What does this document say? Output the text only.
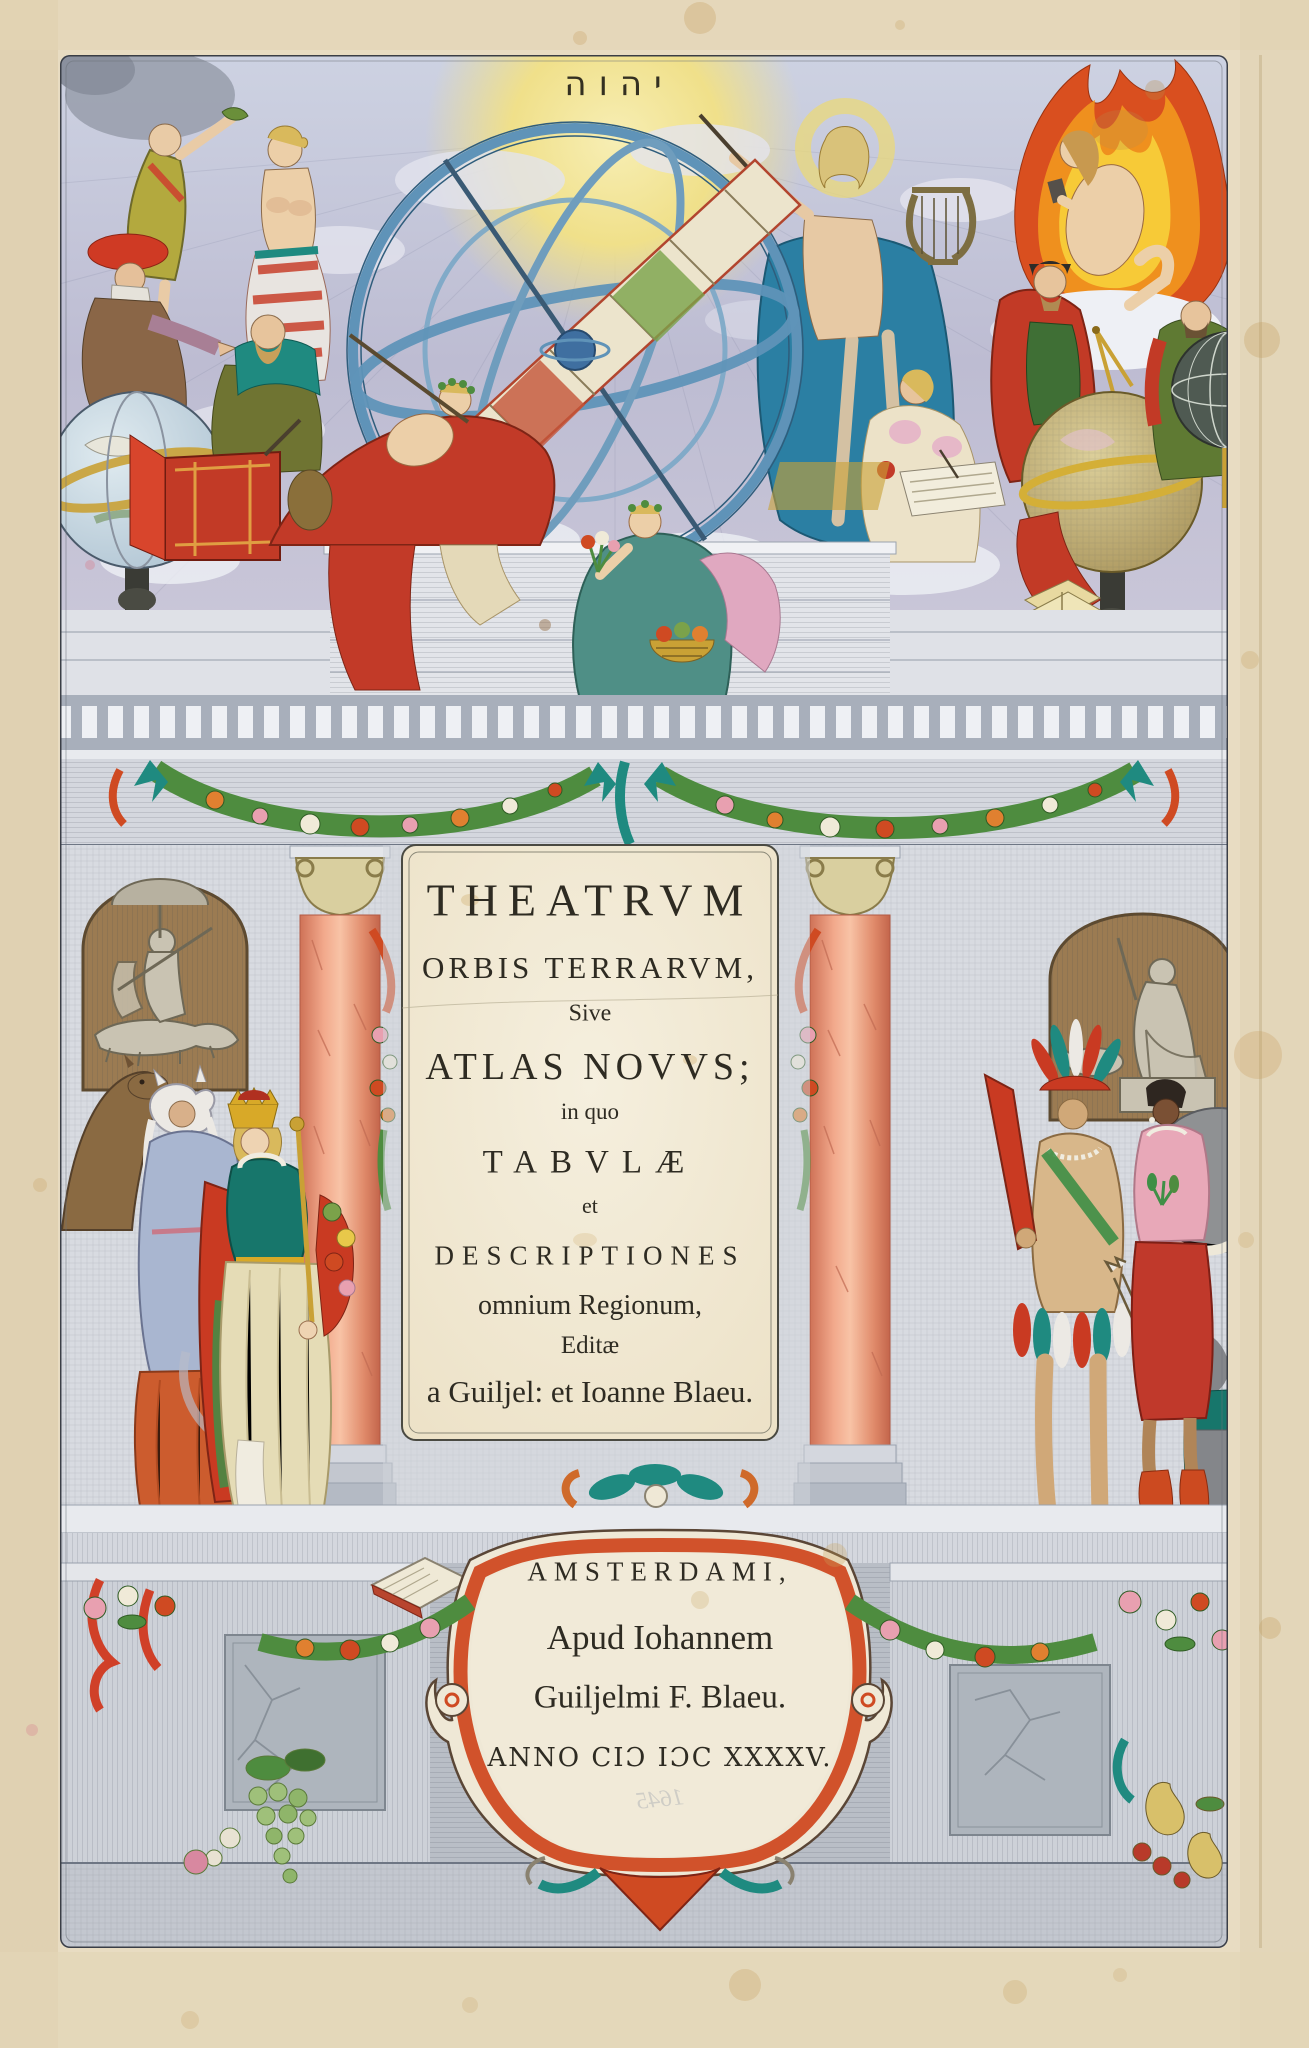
יהוה
THEATRVM
ORBIS TERRARVM,
Sive
ATLAS NOVVS;
in quo
TABVLÆ
et
DESCRIPTIONES
omnium Regionum,
Editæ
a Guiljel: et Ioanne Blaeu.
AMSTERDAMI,
Apud Iohannem
Guiljelmi F. Blaeu.
ANNO CIƆ IƆC XXXXV.
1645
